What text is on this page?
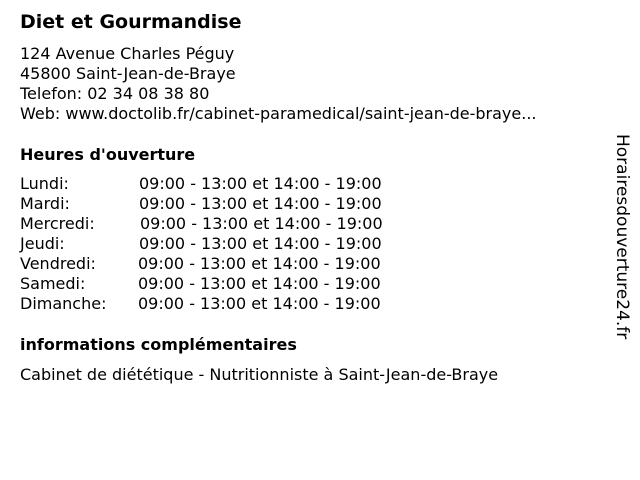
Diet et Gourmandise
124 Avenue Charles Péguy
45800 Saint-Jean-de-Braye
Telefon: 02 34 08 38 80
Web: www.doctolib.fr/cabinet-paramedical/saint-jean-de-braye...
Heures d'ouverture
Lundi:	09:00 - 13:00 et 14:00 - 19:00
Mardi:	09:00 - 13:00 et 14:00 - 19:00
Mercredi:	09:00 - 13:00 et 14:00 - 19:00
Jeudi:	09:00 - 13:00 et 14:00 - 19:00
Vendredi:	09:00 - 13:00 et 14:00 - 19:00
Samedi:	09:00 - 13:00 et 14:00 - 19:00
Dimanche: 09:00 - 13:00 et 14:00 - 19:00
informations complémentaires
Cabinet de diététique - Nutritionniste à Saint-Jean-de-Braye
Horairesdouverture24.fr
